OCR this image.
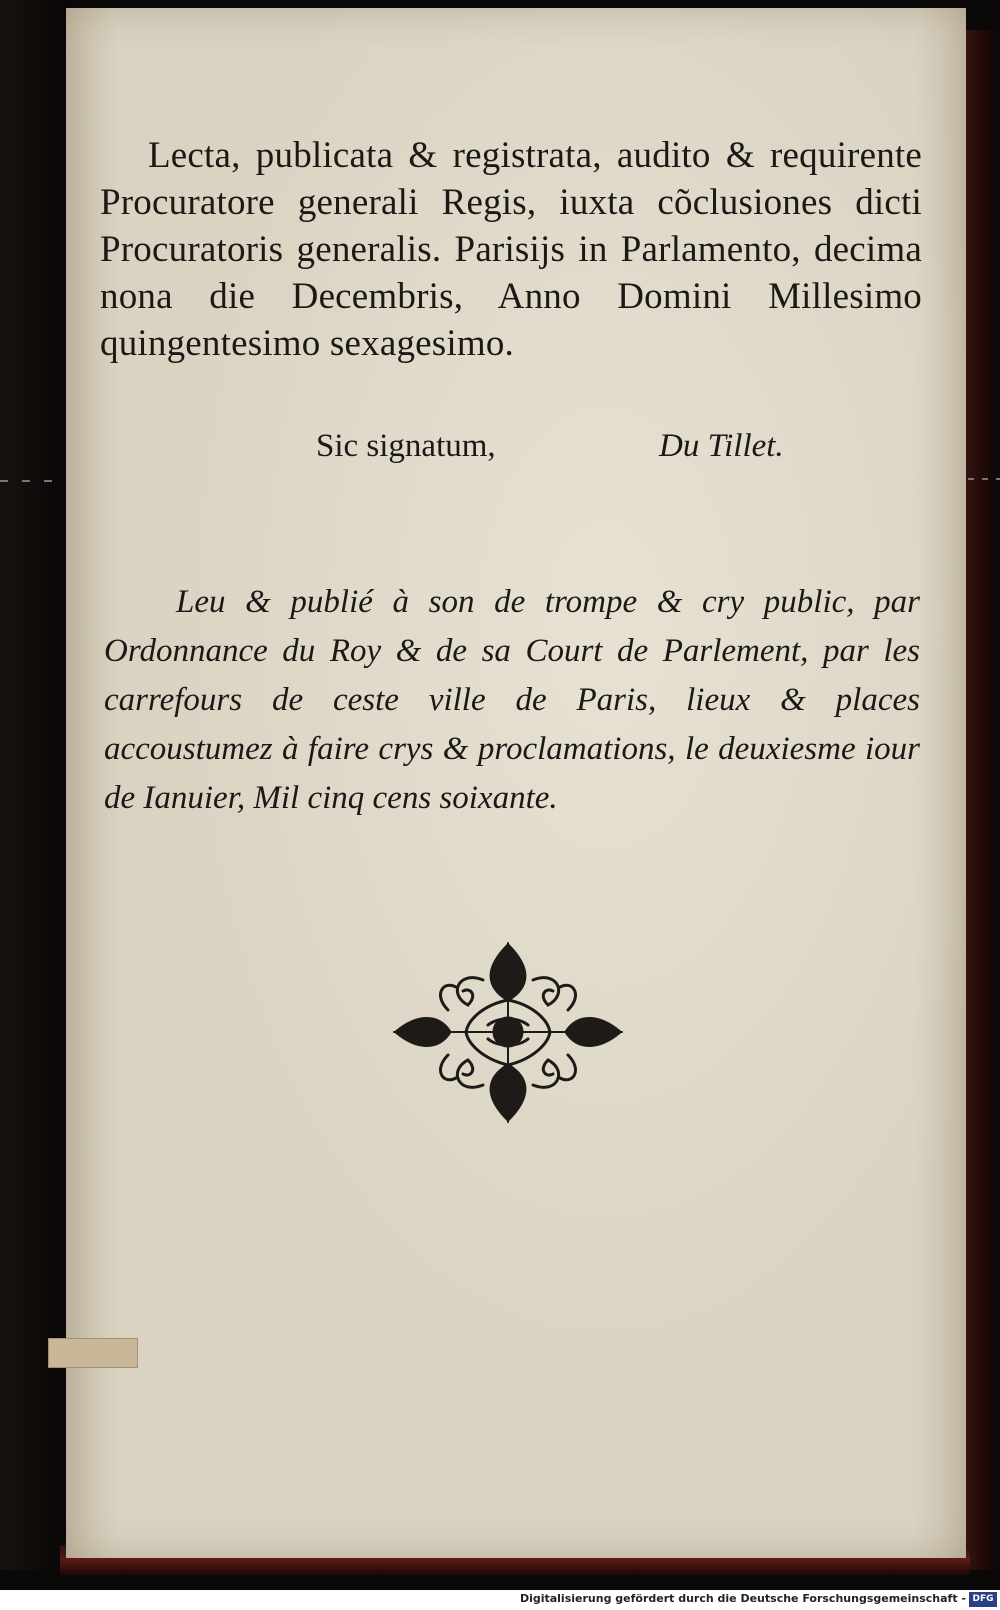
Lecta, publicata & registrata, audito & requirente Procuratore generali Regis, iuxta cõclusiones dicti Procuratoris generalis. Parisijs in Parlamento, decima nona die Decembris, Anno Domini Millesimo quingentesimo sexagesimo.
Sic signatum,	Du Tillet.
Leu & publié à son de trompe & cry public, par Ordonnance du Roy & de sa Court de Parlement, par les carrefours de ceste ville de Paris, lieux & places accoustumez à faire crys & proclamations, le deuxiesme iour de Ianuier, Mil cinq cens soixante.
Digitalisierung gefördert durch die Deutsche Forschungsgemeinschaft - DFG
